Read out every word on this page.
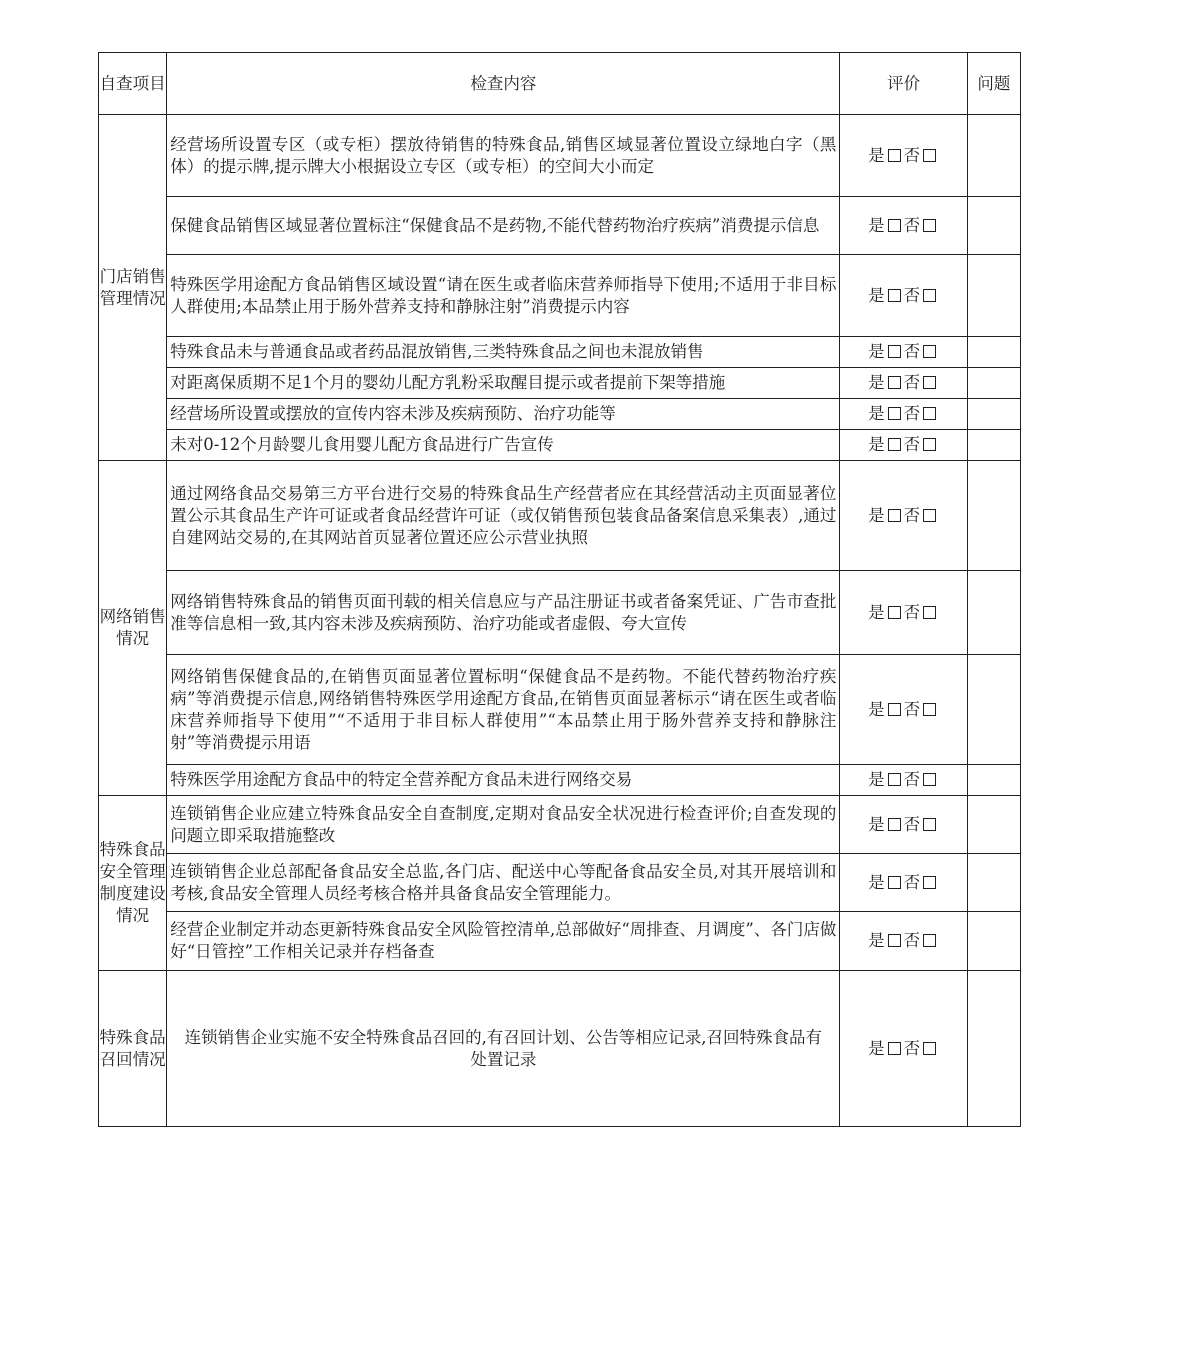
自查项目	检查内容	评价	问题
门店销售管理情况	经营场所设置专区（或专柜）摆放待销售的特殊食品,销售区域显著位置设立绿地白字（黑体）的提示牌,提示牌大小根据设立专区（或专柜）的空间大小而定	是 否	
	保健食品销售区域显著位置标注“保健食品不是药物,不能代替药物治疗疾病”消费提示信息	是 否	
	特殊医学用途配方食品销售区域设置“请在医生或者临床营养师指导下使用;不适用于非目标人群使用;本品禁止用于肠外营养支持和静脉注射”消费提示内容	是 否	
	特殊食品未与普通食品或者药品混放销售,三类特殊食品之间也未混放销售	是 否	
	对距离保质期不足1个月的婴幼儿配方乳粉采取醒目提示或者提前下架等措施	是 否	
	经营场所设置或摆放的宣传内容未涉及疾病预防、治疗功能等	是 否	
	未对0-12个月龄婴儿食用婴儿配方食品进行广告宣传	是 否	
网络销售情况	通过网络食品交易第三方平台进行交易的特殊食品生产经营者应在其经营活动主页面显著位置公示其食品生产许可证或者食品经营许可证（或仅销售预包装食品备案信息采集表）,通过自建网站交易的,在其网站首页显著位置还应公示营业执照	是 否	
	网络销售特殊食品的销售页面刊载的相关信息应与产品注册证书或者备案凭证、广告市查批准等信息相一致,其内容未涉及疾病预防、治疗功能或者虚假、夸大宣传	是 否	
	网络销售保健食品的,在销售页面显著位置标明“保健食品不是药物。不能代替药物治疗疾病”等消费提示信息,网络销售特殊医学用途配方食品,在销售页面显著标示“请在医生或者临床营养师指导下使用”“不适用于非目标人群使用”“本品禁止用于肠外营养支持和静脉注射”等消费提示用语	是 否	
	特殊医学用途配方食品中的特定全营养配方食品未进行网络交易	是 否	
特殊食品安全管理制度建设情况	连锁销售企业应建立特殊食品安全自查制度,定期对食品安全状况进行检查评价;自查发现的问题立即采取措施整改	是 否	
	连锁销售企业总部配备食品安全总监,各门店、配送中心等配备食品安全员,对其开展培训和考核,食品安全管理人员经考核合格并具备食品安全管理能力。	是 否	
	经营企业制定并动态更新特殊食品安全风险管控清单,总部做好“周排查、月调度”、各门店做好“日管控”工作相关记录并存档备查	是 否	
特殊食品召回情况	连锁销售企业实施不安全特殊食品召回的,有召回计划、公告等相应记录,召回特殊食品有处置记录	是 否	
